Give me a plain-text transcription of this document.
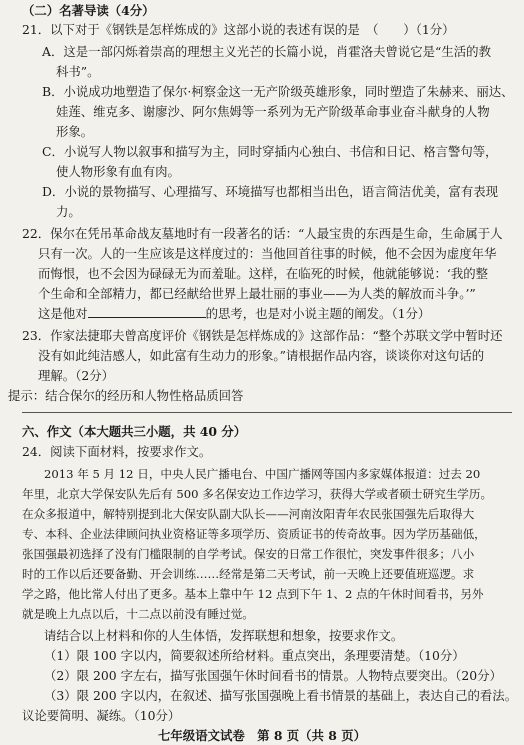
（二）名著导读（4分）
21．以下对于《钢铁是怎样炼成的》这部小说的表述有误的是　（　　）（1分）
A．这是一部闪烁着崇高的理想主义光芒的长篇小说，肖霍洛夫曾说它是“生活的教
科书”。
B．小说成功地塑造了保尔·柯察金这一无产阶级英雄形象，同时塑造了朱赫来、丽达、
娃莲、维克多、谢廖沙、阿尔焦姆等一系列为无产阶级革命事业奋斗献身的人物
形象。
C．小说写人物以叙事和描写为主，同时穿插内心独白、书信和日记、格言警句等，
使人物形象有血有肉。
D．小说的景物描写、心理描写、环境描写也都相当出色，语言简洁优美，富有表现
力。
22．保尔在凭吊革命战友墓地时有一段著名的话：“人最宝贵的东西是生命，生命属于人
只有一次。人的一生应该是这样度过的：当他回首往事的时候，他不会因为虚度年华
而悔恨，也不会因为碌碌无为而羞耻。这样，在临死的时候，他就能够说：‘我的整
个生命和全部精力，都已经献给世界上最壮丽的事业——为人类的解放而斗争。’”
这是他对	的思考，也是对小说主题的阐发。（1分）
23．作家法捷耶夫曾高度评价《钢铁是怎样炼成的》这部作品：“整个苏联文学中暂时还
没有如此纯洁感人，如此富有生动力的形象。”请根据作品内容，谈谈你对这句话的
理解。（2分）
提示：结合保尔的经历和人物性格品质回答
六、作文（本大题共三小题，共 40 分）
24．阅读下面材料，按要求作文。
2013 年 5 月 12 日，中央人民广播电台、中国广播网等国内多家媒体报道：过去 20
年里，北京大学保安队先后有 500 多名保安边工作边学习，获得大学或者硕士研究生学历。
在众多报道中，解特别提到北大保安队副大队长——河南汝阳青年农民张国强先后取得大
专、本科、企业法律顾问执业资格证等多项学历、资质证书的传奇故事。因为学历基础低，
张国强最初选择了没有门槛限制的自学考试。保安的日常工作很忙，突发事件很多；八小
时的工作以后还要备勤、开会训练……经常是第二天考试，前一天晚上还要值班巡逻。求
学之路，他比常人付出了更多。基本上靠中午 12 点到下午 1、2 点的午休时间看书，另外
就是晚上九点以后，十二点以前没有睡过觉。
请结合以上材料和你的人生体悟，发挥联想和想象，按要求作文。
（1）限 100 字以内，简要叙述所给材料。重点突出，条理要清楚。（10分）
（2）限 200 字左右，描写张国强午休时间看书的情景。人物特点要突出。（20分）
（3）限 200 字以内，在叙述、描写张国强晚上看书情景的基础上，表达自己的看法。
议论要简明、凝练。（10分）
七年级语文试卷　第 8 页（共 8 页）
